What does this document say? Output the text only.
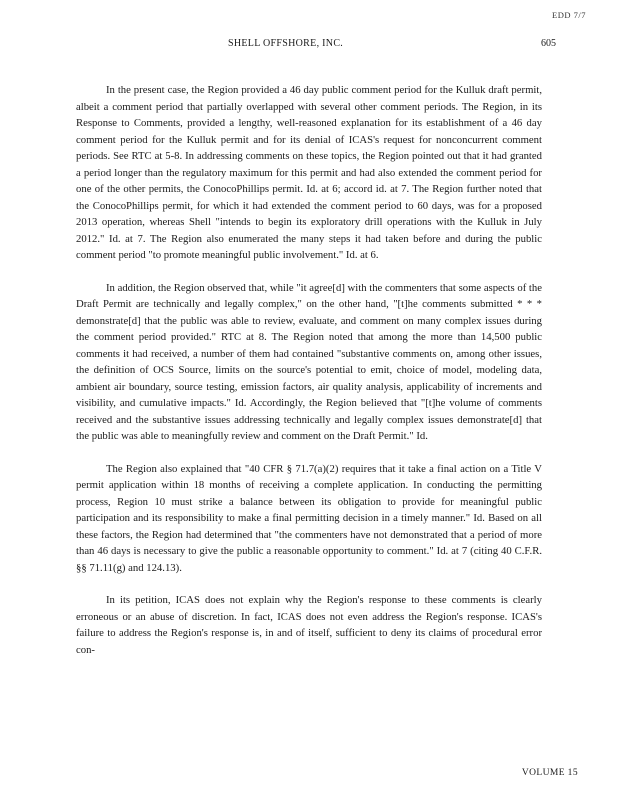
EDD 7/7
SHELL OFFSHORE, INC.	605

In the present case, the Region provided a 46 day public comment period for the Kulluk draft permit, albeit a comment period that partially overlapped with several other comment periods. The Region, in its Response to Comments, provided a lengthy, well-reasoned explanation for its establishment of a 46 day comment period for the Kulluk permit and for its denial of ICAS's request for nonconcurrent comment periods. See RTC at 5-8. In addressing comments on these topics, the Region pointed out that it had granted a period longer than the regulatory maximum for this permit and had also extended the comment period for one of the other permits, the ConocoPhillips permit. Id. at 6; accord id. at 7. The Region further noted that the ConocoPhillips permit, for which it had extended the comment period to 60 days, was for a proposed 2013 operation, whereas Shell "intends to begin its exploratory drill operations with the Kulluk in July 2012." Id. at 7. The Region also enumerated the many steps it had taken before and during the public comment period "to promote meaningful public involvement." Id. at 6.

In addition, the Region observed that, while "it agree[d] with the commenters that some aspects of the Draft Permit are technically and legally complex," on the other hand, "[t]he comments submitted * * * demonstrate[d] that the public was able to review, evaluate, and comment on many complex issues during the comment period provided." RTC at 8. The Region noted that among the more than 14,500 public comments it had received, a number of them had contained "substantive comments on, among other issues, the definition of OCS Source, limits on the source's potential to emit, choice of model, modeling data, ambient air boundary, source testing, emission factors, air quality analysis, applicability of increments and visibility, and cumulative impacts." Id. Accordingly, the Region believed that "[t]he volume of comments received and the substantive issues addressing technically and legally complex issues demonstrate[d] that the public was able to meaningfully review and comment on the Draft Permit." Id.

The Region also explained that "40 CFR § 71.7(a)(2) requires that it take a final action on a Title V permit application within 18 months of receiving a complete application. In conducting the permitting process, Region 10 must strike a balance between its obligation to provide for meaningful public participation and its responsibility to make a final permitting decision in a timely manner." Id. Based on all these factors, the Region had determined that "the commenters have not demonstrated that a period of more than 46 days is necessary to give the public a reasonable opportunity to comment." Id. at 7 (citing 40 C.F.R. §§ 71.11(g) and 124.13).

In its petition, ICAS does not explain why the Region's response to these comments is clearly erroneous or an abuse of discretion. In fact, ICAS does not even address the Region's response. ICAS's failure to address the Region's response is, in and of itself, sufficient to deny its claims of procedural error con-

VOLUME 15
